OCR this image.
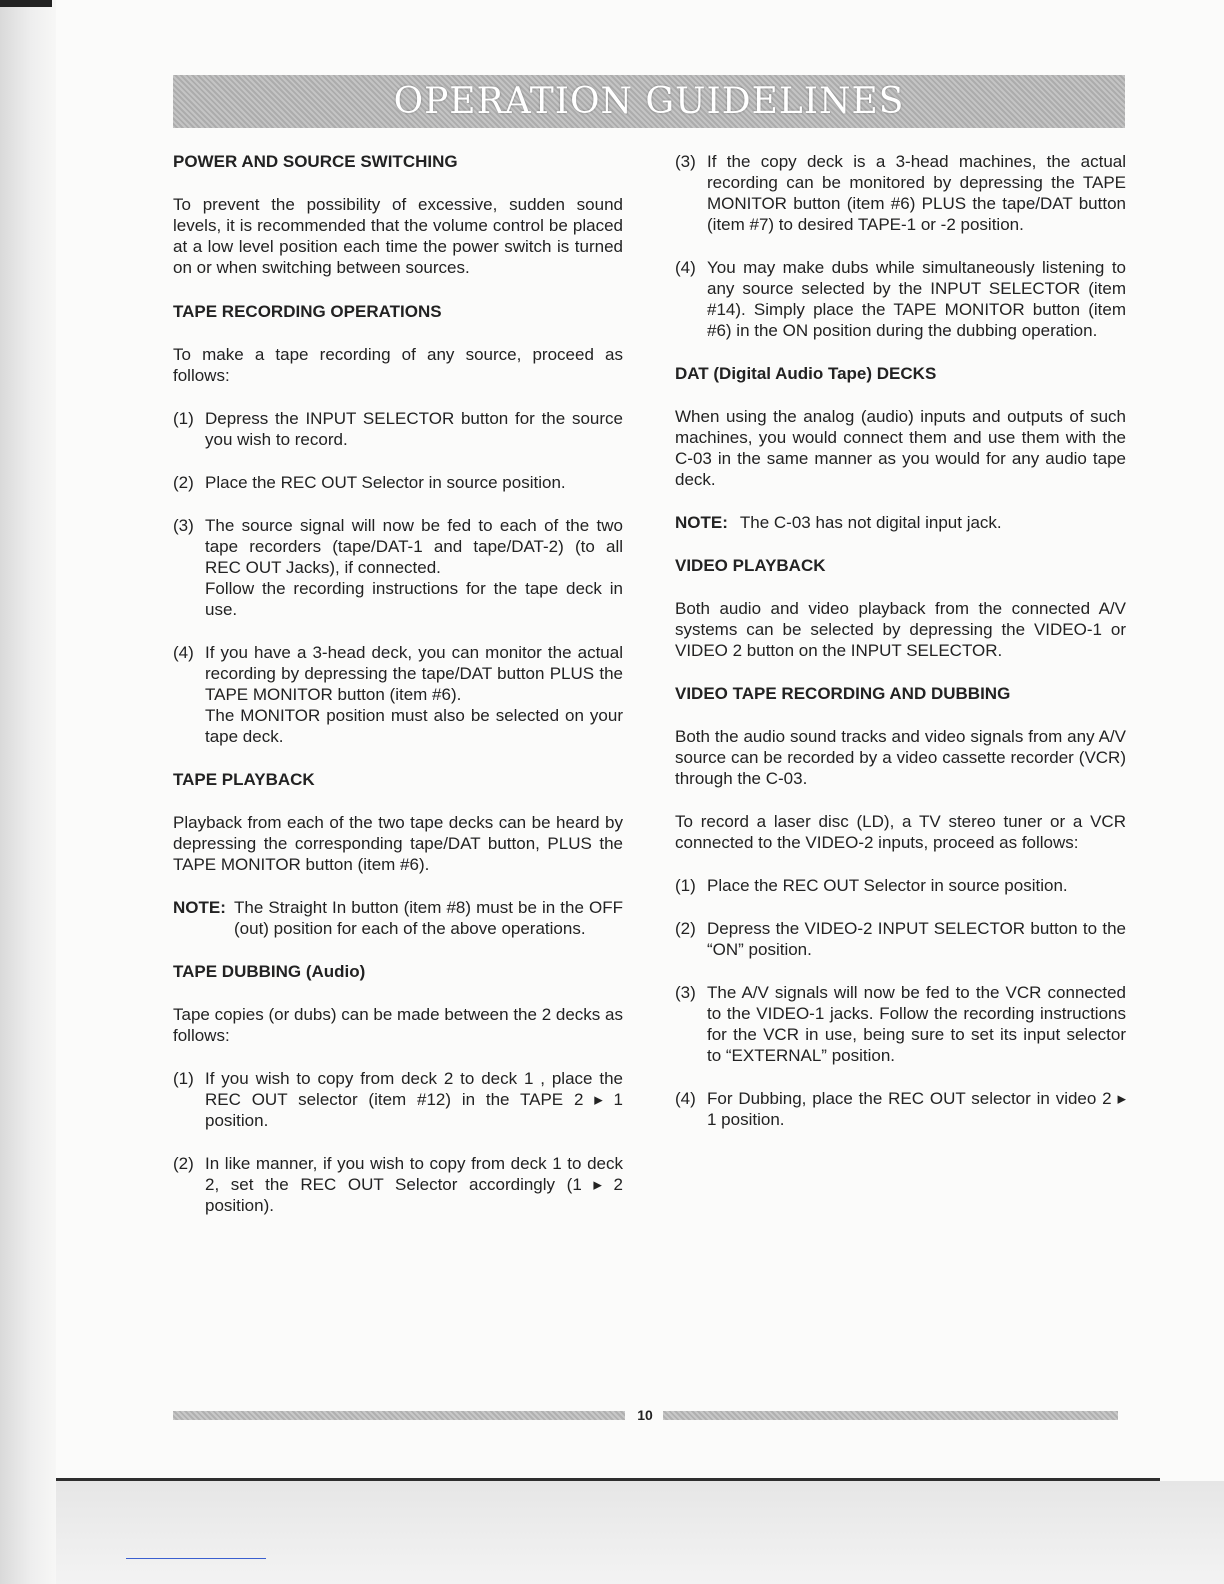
OPERATION GUIDELINES
POWER AND SOURCE SWITCHING

To prevent the possibility of excessive, sudden sound levels, it is recommended that the volume control be placed at a low level position each time the power switch is turned on or when switching between sources.

TAPE RECORDING OPERATIONS

To make a tape recording of any source, proceed as follows:

(1) Depress the INPUT SELECTOR button for the source you wish to record.
(2) Place the REC OUT Selector in source position.
(3) The source signal will now be fed to each of the two tape recorders (tape/DAT-1 and tape/DAT-2) (to all REC OUT Jacks), if connected.
Follow the recording instructions for the tape deck in use.
(4) If you have a 3-head deck, you can monitor the actual recording by depressing the tape/DAT button PLUS the TAPE MONITOR button (item #6).
The MONITOR position must also be selected on your tape deck.
TAPE PLAYBACK

Playback from each of the two tape decks can be heard by depressing the corresponding tape/DAT button, PLUS the TAPE MONITOR button (item #6).

NOTE: The Straight In button (item #8) must be in the OFF (out) position for each of the above operations.
TAPE DUBBING (Audio)

Tape copies (or dubs) can be made between the 2 decks as follows:

(1) If you wish to copy from deck 2 to deck 1 , place the REC OUT selector (item #12) in the TAPE 2 ▸ 1 position.
(2) In like manner, if you wish to copy from deck 1 to deck 2, set the REC OUT Selector accordingly (1 ▸ 2 position).
(3) If the copy deck is a 3-head machines, the actual recording can be monitored by depressing the TAPE MONITOR button (item #6) PLUS the tape/DAT button (item #7) to desired TAPE-1 or -2 position.
(4) You may make dubs while simultaneously listening to any source selected by the INPUT SELECTOR (item #14). Simply place the TAPE MONITOR button (item #6) in the ON position during the dubbing operation.
DAT (Digital Audio Tape) DECKS

When using the analog (audio) inputs and outputs of such machines, you would connect them and use them with the C-03 in the same manner as you would for any audio tape deck.

NOTE: The C-03 has not digital input jack.
VIDEO PLAYBACK

Both audio and video playback from the connected A/V systems can be selected by depressing the VIDEO-1 or VIDEO 2 button on the INPUT SELECTOR.

VIDEO TAPE RECORDING AND DUBBING

Both the audio sound tracks and video signals from any A/V source can be recorded by a video cassette recorder (VCR) through the C-03.

To record a laser disc (LD), a TV stereo tuner or a VCR connected to the VIDEO-2 inputs, proceed as follows:

(1) Place the REC OUT Selector in source position.
(2) Depress the VIDEO-2 INPUT SELECTOR button to the “ON” position.
(3) The A/V signals will now be fed to the VCR connected to the VIDEO-1 jacks. Follow the recording instructions for the VCR in use, being sure to set its input selector to “EXTERNAL” position.
(4) For Dubbing, place the REC OUT selector in video 2 ▸ 1 position.
10
